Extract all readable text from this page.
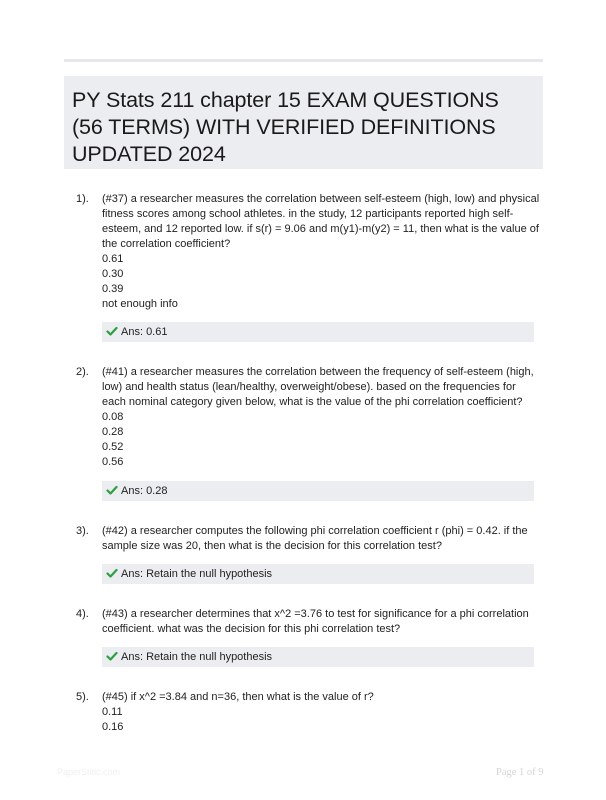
PY Stats 211 chapter 15 EXAM QUESTIONS (56 TERMS) WITH VERIFIED DEFINITIONS UPDATED 2024
1). (#37) a researcher measures the correlation between self-esteem (high, low) and physical fitness scores among school athletes. in the study, 12 participants reported high self-esteem, and 12 reported low. if s(r) = 9.06 and m(y1)-m(y2) = 11, then what is the value of the correlation coefficient?
0.61
0.30
0.39
not enough info
Ans: 0.61
2). (#41) a researcher measures the correlation between the frequency of self-esteem (high, low) and health status (lean/healthy, overweight/obese). based on the frequencies for each nominal category given below, what is the value of the phi correlation coefficient?
0.08
0.28
0.52
0.56
Ans: 0.28
3). (#42) a researcher computes the following phi correlation coefficient r (phi) = 0.42. if the sample size was 20, then what is the decision for this correlation test?
Ans: Retain the null hypothesis
4). (#43) a researcher determines that x^2 =3.76 to test for significance for a phi correlation coefficient. what was the decision for this phi correlation test?
Ans: Retain the null hypothesis
5). (#45) if x^2 =3.84 and n=36, then what is the value of r?
0.11
0.16
PaperStitic.com	Page 1 of 9
